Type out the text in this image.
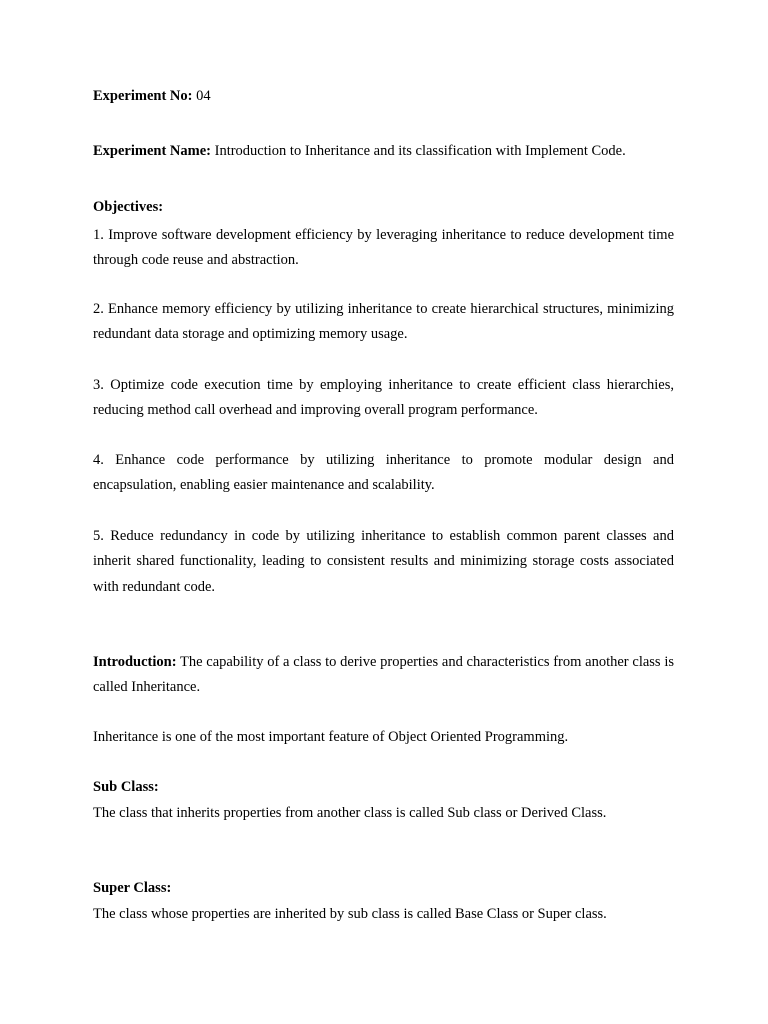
Experiment No: 04

Experiment Name: Introduction to Inheritance and its classification with Implement Code.

Objectives:

1. Improve software development efficiency by leveraging inheritance to reduce development time through code reuse and abstraction.

2. Enhance memory efficiency by utilizing inheritance to create hierarchical structures, minimizing redundant data storage and optimizing memory usage.

3. Optimize code execution time by employing inheritance to create efficient class hierarchies, reducing method call overhead and improving overall program performance.

4. Enhance code performance by utilizing inheritance to promote modular design and encapsulation, enabling easier maintenance and scalability.

5. Reduce redundancy in code by utilizing inheritance to establish common parent classes and inherit shared functionality, leading to consistent results and minimizing storage costs associated with redundant code.

Introduction: The capability of a class to derive properties and characteristics from another class is called Inheritance.

Inheritance is one of the most important feature of Object Oriented Programming.

Sub Class:

The class that inherits properties from another class is called Sub class or Derived Class.

Super Class:

The class whose properties are inherited by sub class is called Base Class or Super class.
